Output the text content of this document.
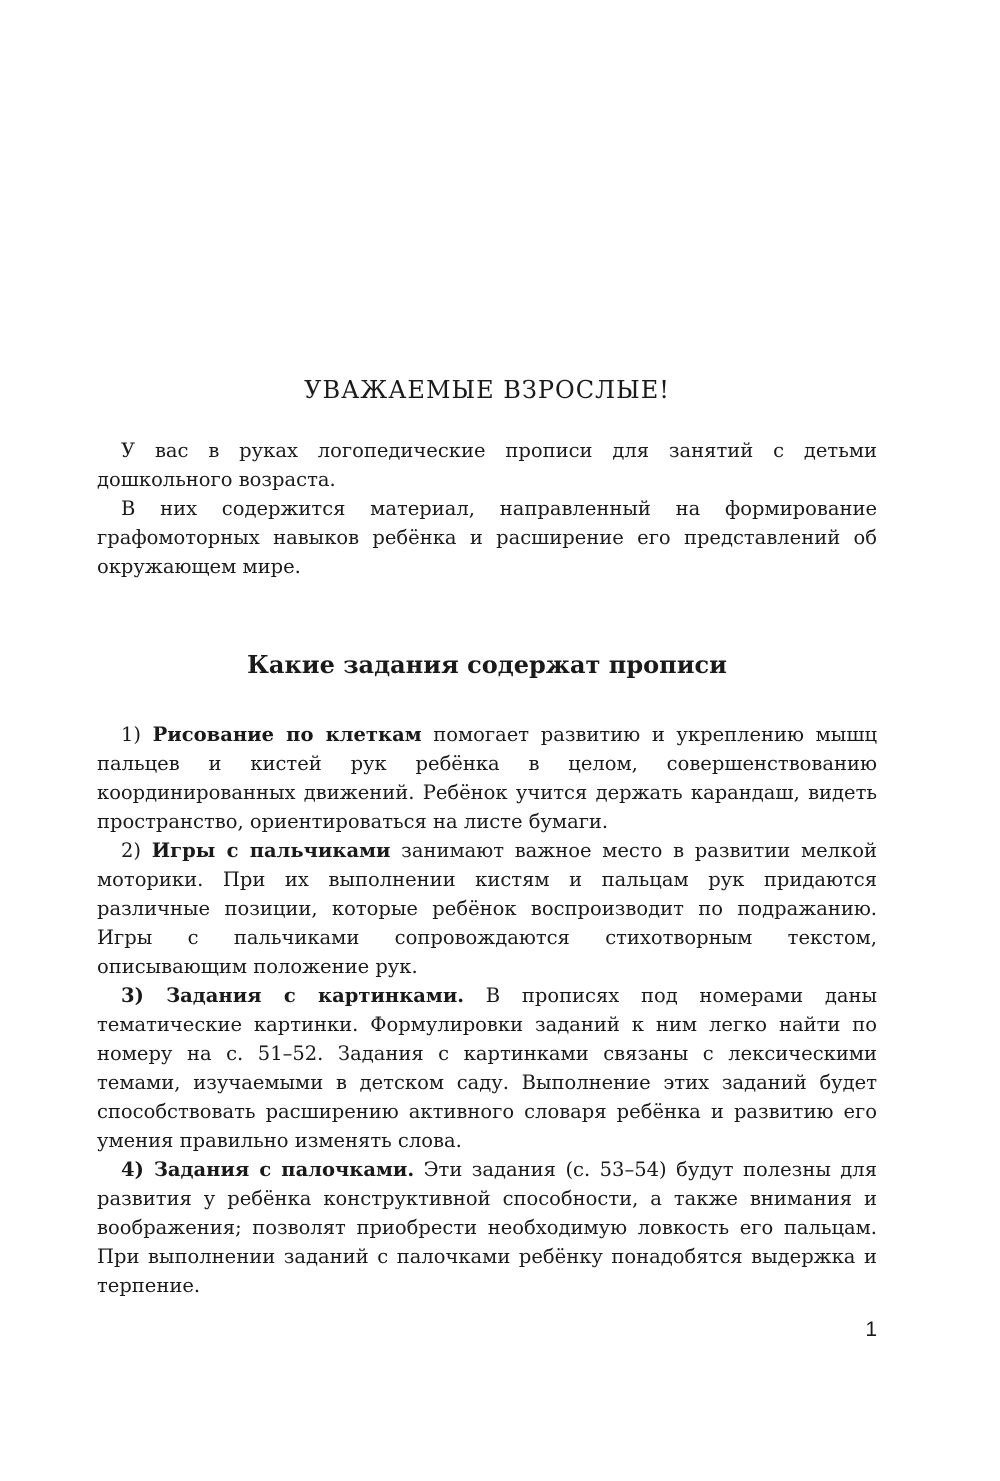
УВАЖАЕМЫЕ ВЗРОСЛЫЕ!

У вас в руках логопедические прописи для занятий с детьми дошкольного возраста.

В них содержится материал, направленный на формирование графомоторных навыков ребёнка и расширение его представлений об окружающем мире.

Какие задания содержат прописи

1) Рисование по клеткам помогает развитию и укреплению мышц пальцев и кистей рук ребёнка в целом, совершенствованию координированных движений. Ребёнок учится держать карандаш, видеть пространство, ориентироваться на листе бумаги.

2) Игры с пальчиками занимают важное место в развитии мелкой моторики. При их выполнении кистям и пальцам рук придаются различные позиции, которые ребёнок воспроизводит по подражанию. Игры с пальчиками сопровождаются стихотворным текстом, описывающим положение рук.

3) Задания с картинками. В прописях под номерами даны тематические картинки. Формулировки заданий к ним легко найти по номеру на с. 51–52. Задания с картинками связаны с лексическими темами, изучаемыми в детском саду. Выполнение этих заданий будет способствовать расширению активного словаря ребёнка и развитию его умения правильно изменять слова.

4) Задания с палочками. Эти задания (с. 53–54) будут полезны для развития у ребёнка конструктивной способности, а также внимания и воображения; позволят приобрести необходимую ловкость его пальцам. При выполнении заданий с палочками ребёнку понадобятся выдержка и терпение.

1
